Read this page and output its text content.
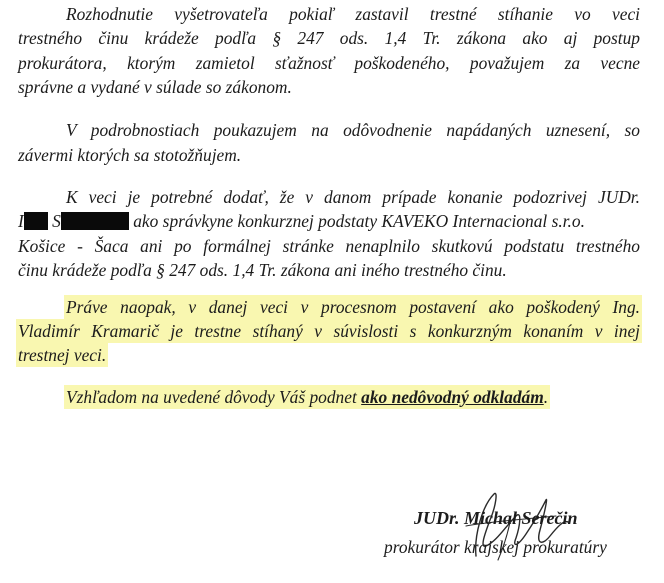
Rozhodnutie vyšetrovateľa pokiaľ zastavil trestné stíhanie vo veci
trestného činu krádeže podľa § 247 ods. 1,4 Tr. zákona ako aj postup
prokurátora, ktorým zamietol sťažnosť poškodeného, považujem za vecne
správne a vydané v súlade so zákonom.
V podrobnostiach poukazujem na odôvodnenie napádaných uznesení, so
závermi ktorých sa stotožňujem.
K veci je potrebné dodať, že v danom prípade konanie podozrivej JUDr.
I S	ako správkyne konkurznej podstaty KAVEKO Internacional s.r.o.
Košice - Šaca ani po formálnej stránke nenaplnilo skutkovú podstatu trestného
činu krádeže podľa § 247 ods. 1,4 Tr. zákona ani iného trestného činu.
Práve naopak, v danej veci v procesnom postavení ako poškodený Ing.
Vladimír Kramarič je trestne stíhaný v súvislosti s konkurzným konaním v inej
trestnej veci.
Vzhľadom na uvedené dôvody Váš podnet ako nedôvodný odkladám.
JUDr. Michal Serečin
prokurátor krajskej prokuratúry
